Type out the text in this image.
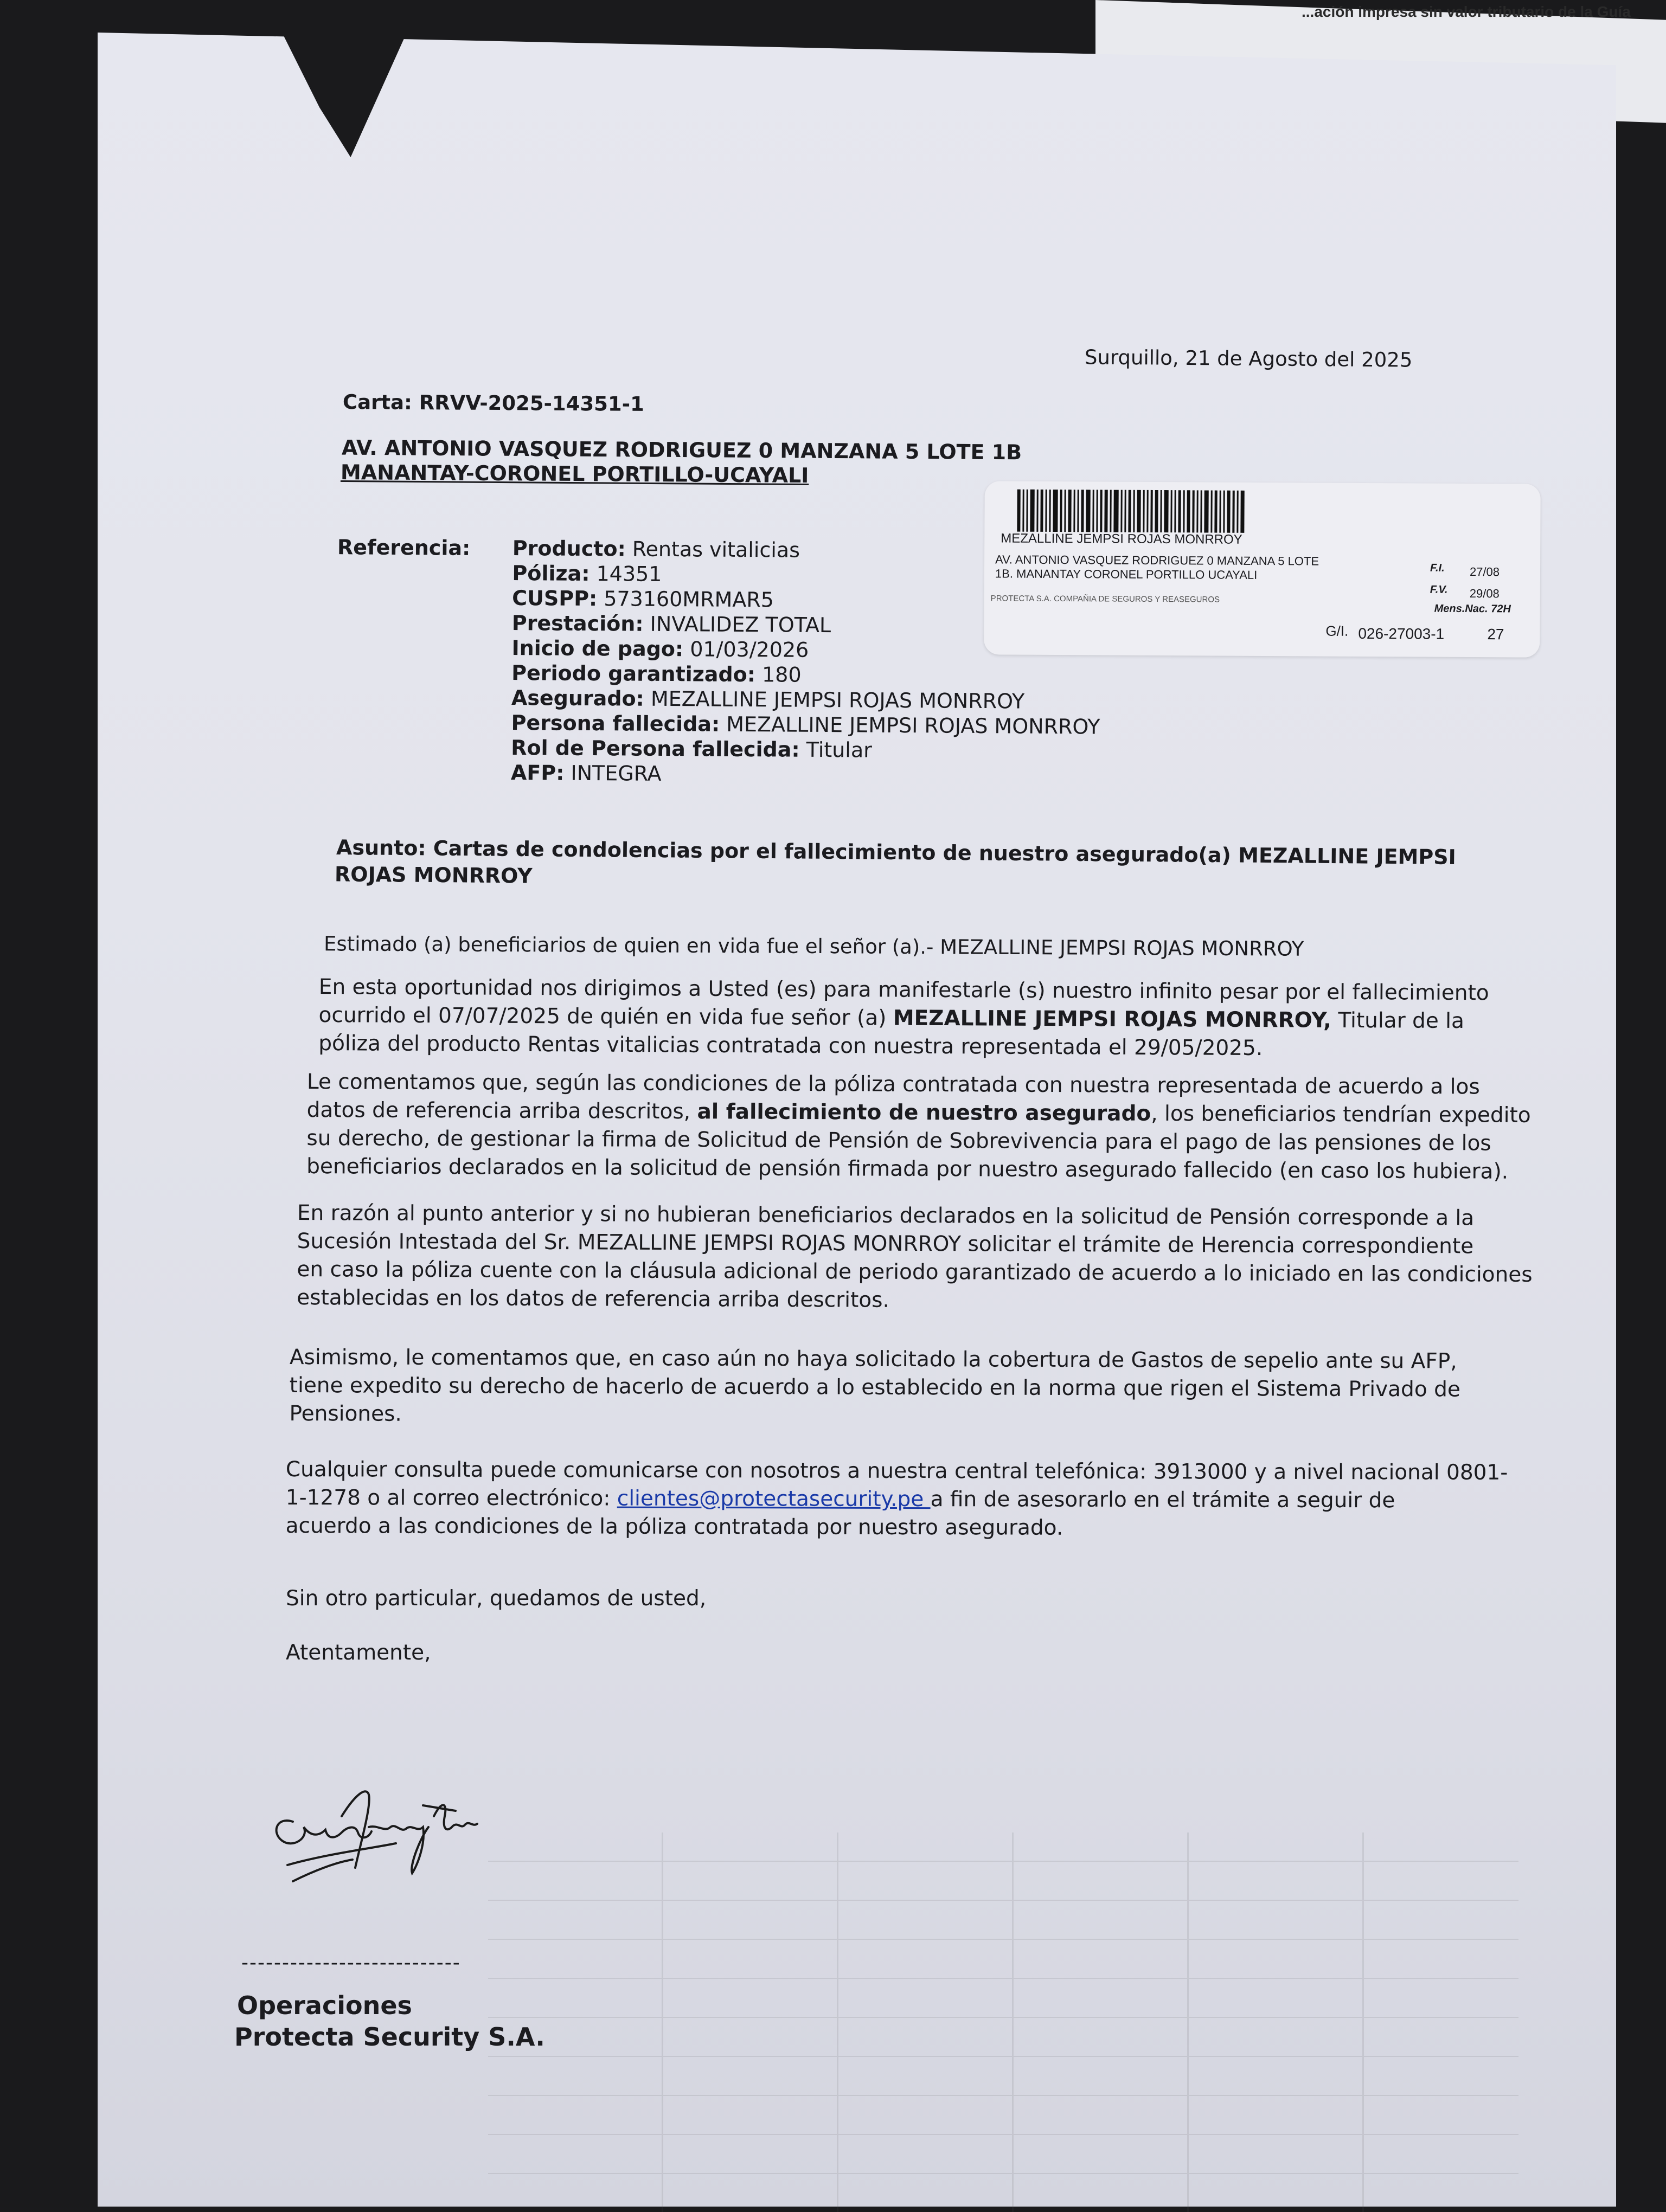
...ación impresa sin valor tributario de la Guía
Surquillo, 21 de Agosto del 2025
Carta: RRVV-2025-14351-1
AV. ANTONIO VASQUEZ RODRIGUEZ 0 MANZANA 5 LOTE 1B
MANANTAY-CORONEL PORTILLO-UCAYALI
Referencia: Producto: Rentas vitalicias
Póliza: 14351
CUSPP: 573160MRMAR5
Prestación: INVALIDEZ TOTAL
Inicio de pago: 01/03/2026
Periodo garantizado: 180
Asegurado: MEZALLINE JEMPSI ROJAS MONRROY
Persona fallecida: MEZALLINE JEMPSI ROJAS MONRROY
Rol de Persona fallecida: Titular
AFP: INTEGRA
MEZALLINE JEMPSI ROJAS MONRROY
AV. ANTONIO VASQUEZ RODRIGUEZ 0 MANZANA 5 LOTE
1B. MANANTAY CORONEL PORTILLO UCAYALI
PROTECTA S.A. COMPAÑIA DE SEGUROS Y REASEGUROS
F.I. 27/08
F.V. 29/08
Mens.Nac. 72H
G/I. 026-27003-1	27
Asunto: Cartas de condolencias por el fallecimiento de nuestro asegurado(a) MEZALLINE JEMPSI
ROJAS MONRROY
Estimado (a) beneficiarios de quien en vida fue el señor (a).- MEZALLINE JEMPSI ROJAS MONRROY
En esta oportunidad nos dirigimos a Usted (es) para manifestarle (s) nuestro infinito pesar por el fallecimiento
ocurrido el 07/07/2025 de quién en vida fue señor (a) MEZALLINE JEMPSI ROJAS MONRROY, Titular de la
póliza del producto Rentas vitalicias contratada con nuestra representada el 29/05/2025.
Le comentamos que, según las condiciones de la póliza contratada con nuestra representada de acuerdo a los
datos de referencia arriba descritos, al fallecimiento de nuestro asegurado, los beneficiarios tendrían expedito
su derecho, de gestionar la firma de Solicitud de Pensión de Sobrevivencia para el pago de las pensiones de los
beneficiarios declarados en la solicitud de pensión firmada por nuestro asegurado fallecido (en caso los hubiera).
En razón al punto anterior y si no hubieran beneficiarios declarados en la solicitud de Pensión corresponde a la
Sucesión Intestada del Sr. MEZALLINE JEMPSI ROJAS MONRROY solicitar el trámite de Herencia correspondiente
en caso la póliza cuente con la cláusula adicional de periodo garantizado de acuerdo a lo iniciado en las condiciones
establecidas en los datos de referencia arriba descritos.
Asimismo, le comentamos que, en caso aún no haya solicitado la cobertura de Gastos de sepelio ante su AFP,
tiene expedito su derecho de hacerlo de acuerdo a lo establecido en la norma que rigen el Sistema Privado de
Pensiones.
Cualquier consulta puede comunicarse con nosotros a nuestra central telefónica: 3913000 y a nivel nacional 0801-
1-1278 o al correo electrónico: clientes@protectasecurity.pe a fin de asesorarlo en el trámite a seguir de
acuerdo a las condiciones de la póliza contratada por nuestro asegurado.
Sin otro particular, quedamos de usted,
Atentamente,
---------------------------
Operaciones
Protecta Security S.A.
